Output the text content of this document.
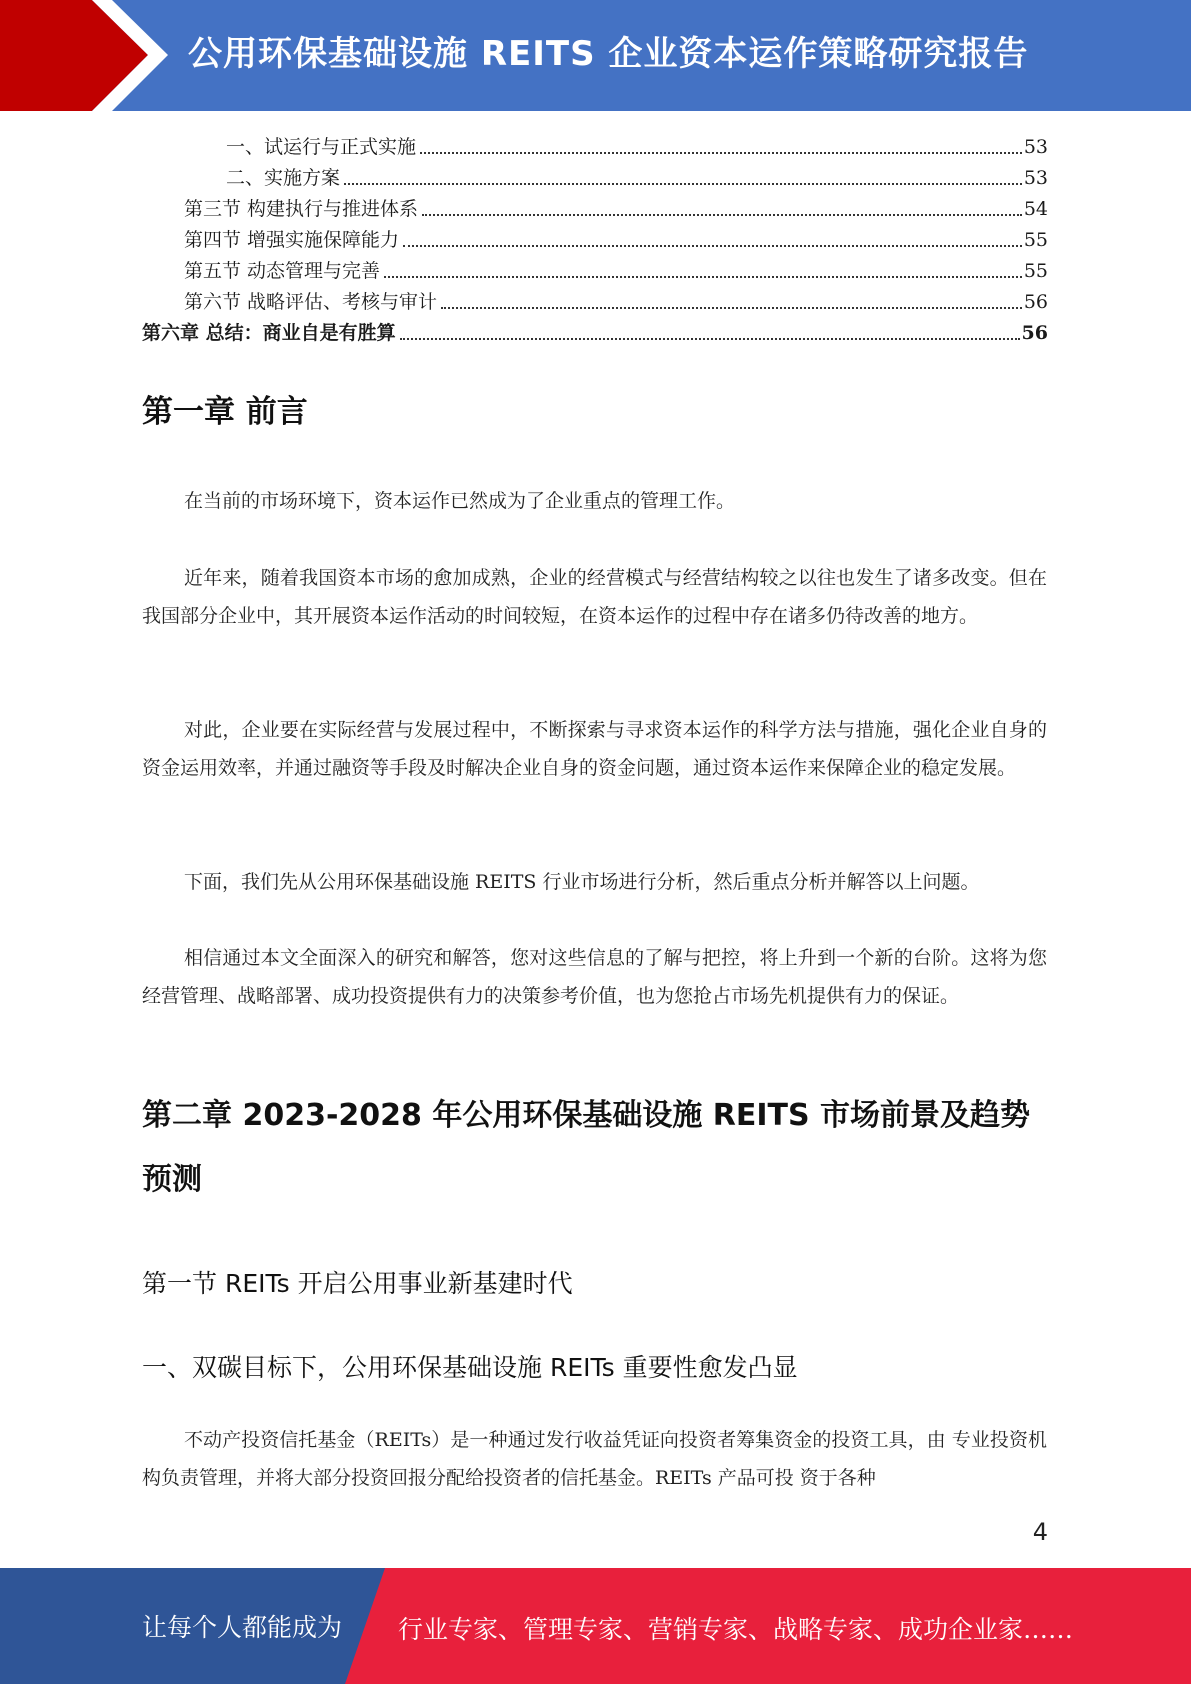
公用环保基础设施 REITS 企业资本运作策略研究报告
一、试运行与正式实施	53
二、实施方案	53
第三节 构建执行与推进体系	54
第四节 增强实施保障能力	55
第五节 动态管理与完善	55
第六节 战略评估、考核与审计	56
第六章 总结：商业自是有胜算	56
第一章 前言

在当前的市场环境下，资本运作已然成为了企业重点的管理工作。

近年来，随着我国资本市场的愈加成熟，企业的经营模式与经营结构较之以往也发生了诸多改变。但在我国部分企业中，其开展资本运作活动的时间较短，在资本运作的过程中存在诸多仍待改善的地方。

对此，企业要在实际经营与发展过程中，不断探索与寻求资本运作的科学方法与措施，强化企业自身的资金运用效率，并通过融资等手段及时解决企业自身的资金问题，通过资本运作来保障企业的稳定发展。

下面，我们先从公用环保基础设施 REITS 行业市场进行分析，然后重点分析并解答以上问题。

相信通过本文全面深入的研究和解答，您对这些信息的了解与把控，将上升到一个新的台阶。这将为您经营管理、战略部署、成功投资提供有力的决策参考价值，也为您抢占市场先机提供有力的保证。

第二章 2023-2028 年公用环保基础设施 REITS 市场前景及趋势预测
第一节 REITs 开启公用事业新基建时代
一、双碳目标下，公用环保基础设施 REITs 重要性愈发凸显

不动产投资信托基金（REITs）是一种通过发行收益凭证向投资者筹集资金的投资工具，由 专业投资机构负责管理，并将大部分投资回报分配给投资者的信托基金。REITs 产品可投 资于各种

4
让每个人都能成为 行业专家、管理专家、营销专家、战略专家、成功企业家……
